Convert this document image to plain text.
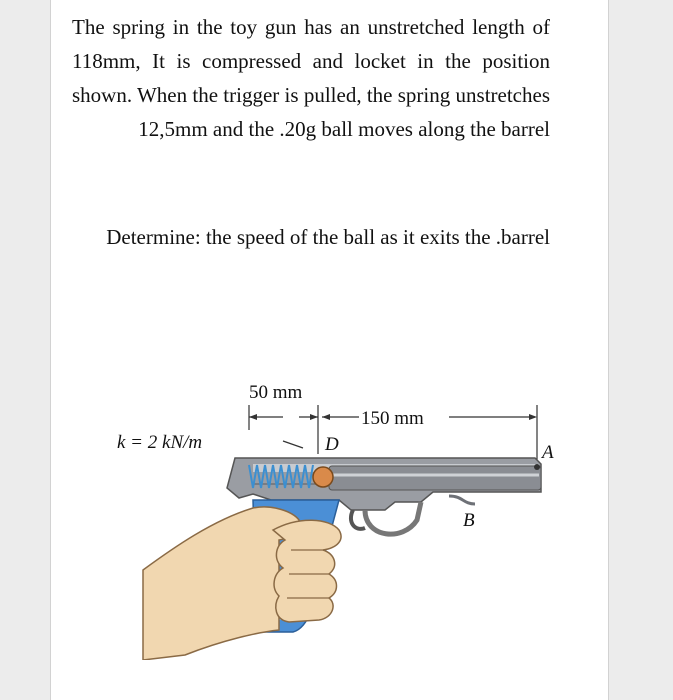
The spring in the toy gun has an unstretched length of 118mm, It is compressed and locket in the position shown. When the trigger is pulled, the spring unstretches 12,5mm and the .20g ball moves along the barrel

Determine: the speed of the ball as it exits the .barrel

50 mm
150 mm
k = 2 kN/m	D	A
B
